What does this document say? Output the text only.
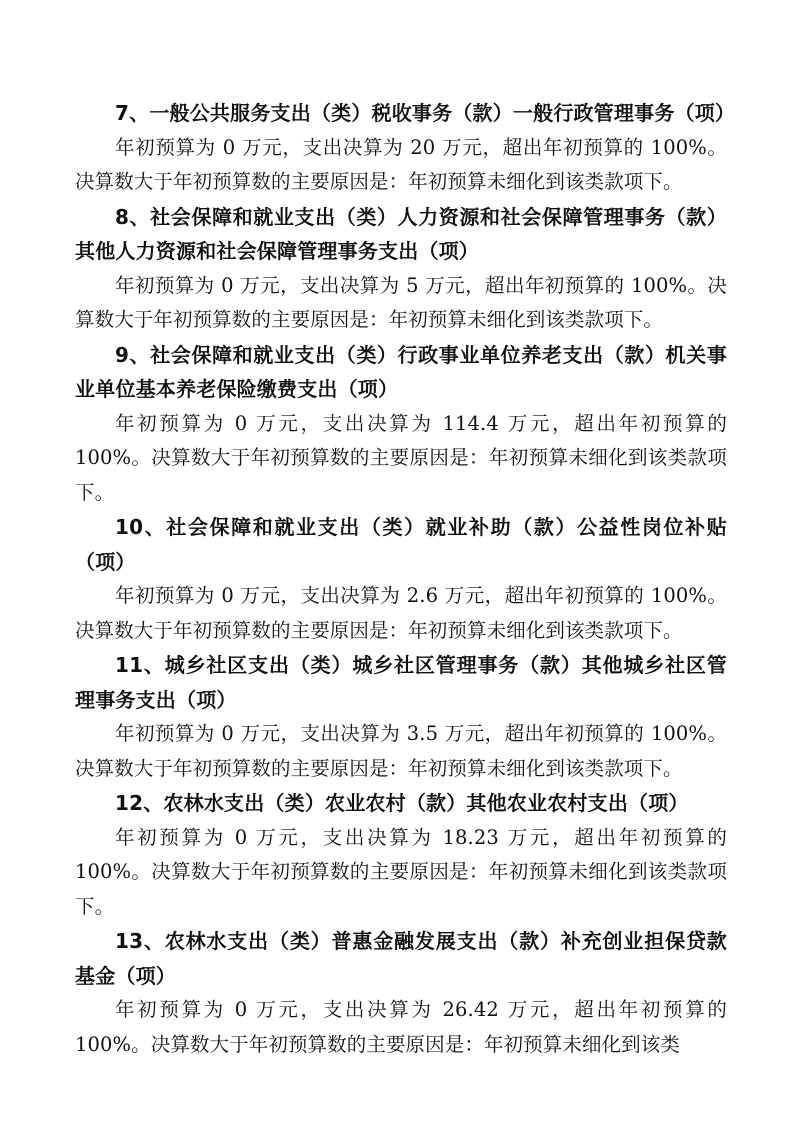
7、一般公共服务支出（类）税收事务（款）一般行政管理事务（项）

年初预算为 0 万元，支出决算为 20 万元，超出年初预算的 100%。决算数大于年初预算数的主要原因是：年初预算未细化到该类款项下。

8、社会保障和就业支出（类）人力资源和社会保障管理事务（款）其他人力资源和社会保障管理事务支出（项）

年初预算为 0 万元，支出决算为 5 万元，超出年初预算的 100%。决算数大于年初预算数的主要原因是：年初预算未细化到该类款项下。

9、社会保障和就业支出（类）行政事业单位养老支出（款）机关事业单位基本养老保险缴费支出（项）

年初预算为 0 万元，支出决算为 114.4 万元，超出年初预算的 100%。决算数大于年初预算数的主要原因是：年初预算未细化到该类款项下。

10、社会保障和就业支出（类）就业补助（款）公益性岗位补贴（项）

年初预算为 0 万元，支出决算为 2.6 万元，超出年初预算的 100%。决算数大于年初预算数的主要原因是：年初预算未细化到该类款项下。

11、城乡社区支出（类）城乡社区管理事务（款）其他城乡社区管理事务支出（项）

年初预算为 0 万元，支出决算为 3.5 万元，超出年初预算的 100%。决算数大于年初预算数的主要原因是：年初预算未细化到该类款项下。

12、农林水支出（类）农业农村（款）其他农业农村支出（项）

年初预算为 0 万元，支出决算为 18.23 万元，超出年初预算的 100%。决算数大于年初预算数的主要原因是：年初预算未细化到该类款项下。

13、农林水支出（类）普惠金融发展支出（款）补充创业担保贷款基金（项）

年初预算为 0 万元，支出决算为 26.42 万元，超出年初预算的 100%。决算数大于年初预算数的主要原因是：年初预算未细化到该类
